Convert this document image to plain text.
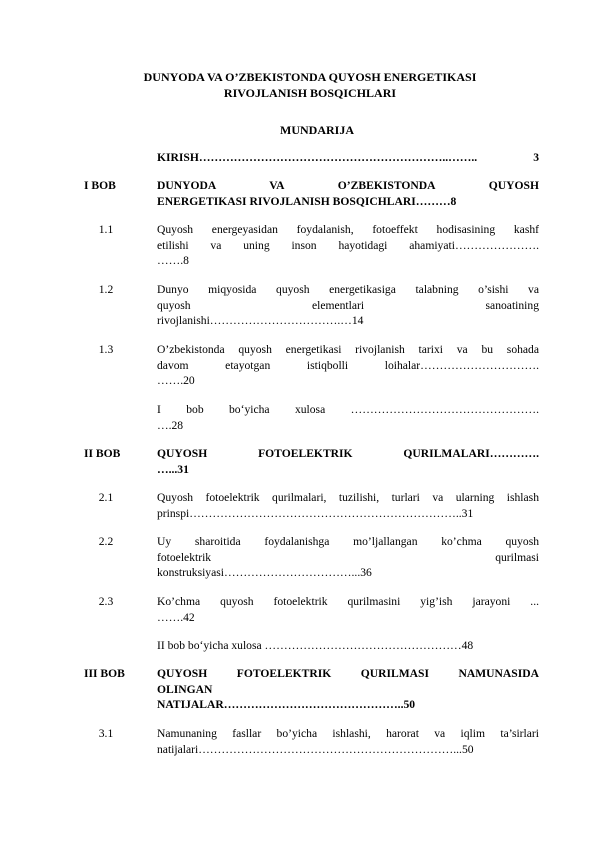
DUNYODA VA O’ZBEKISTONDA QUYOSH ENERGETIKASI
RIVOJLANISH BOSQICHLARI
MUNDARIJA
KIRISH………………………………………………………..…….. 3
I BOB	DUNYODA VA O’ZBEKISTONDA QUYOSH
ENERGETIKASI RIVOJLANISH BOSQICHLARI………8
1.1	Quyosh energeyasidan foydalanish, fotoeffekt hodisasining kashf
etilishi va uning inson hayotidagi ahamiyati………………….
…….8
1.2	Dunyo miqyosida quyosh energetikasiga talabning o’sishi va
quyosh elementlari sanoatining
rivojlanishi…………………………….…14
1.3	O’zbekistonda quyosh energetikasi rivojlanish tarixi va bu sohada
davom etayotgan istiqbolli loihalar………………………….
…….20
I bob bo‘yicha xulosa ………………………………………….
….28
II BOB	QUYOSH FOTOELEKTRIK QURILMALARI………….
…...31
2.1	Quyosh fotoelektrik qurilmalari, tuzilishi, turlari va ularning ishlash
prinspi……………………………………………………………..31
2.2	Uy sharoitida foydalanishga mo’ljallangan ko’chma quyosh
fotoelektrik qurilmasi
konstruksiyasi……………………………...36
2.3	Ko’chma quyosh fotoelektrik qurilmasini yig’ish jarayoni ...
…….42
II bob bo‘yicha xulosa ……………………………………………48
III BOB	QUYOSH FOTOELEKTRIK QURILMASI NAMUNASIDA
OLINGAN
NATIJALAR………………………………………..50
3.1	Namunaning fasllar bo’yicha ishlashi, harorat va iqlim ta’sirlari
natijalari…………………………………………………………...50
